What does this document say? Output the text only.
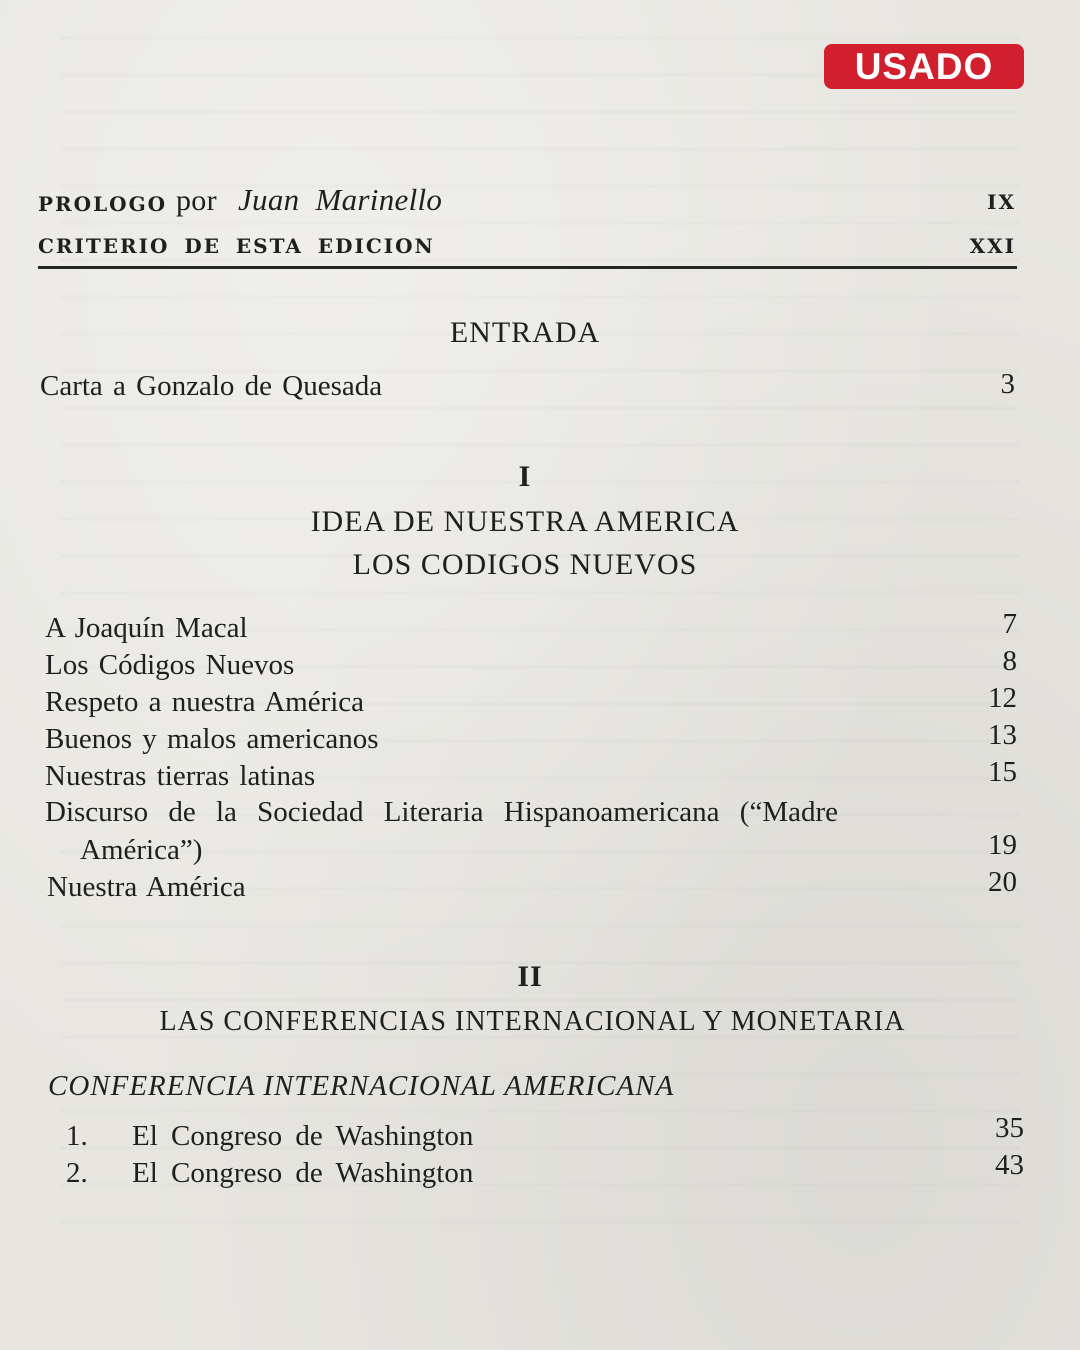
USADO
PROLOGO por Juan Marinello	IX
CRITERIO DE ESTA EDICION	XXI
ENTRADA
Carta a Gonzalo de Quesada	3
I
IDEA DE NUESTRA AMERICA
LOS CODIGOS NUEVOS
A Joaquín Macal	7
Los Códigos Nuevos	8
Respeto a nuestra América	12
Buenos y malos americanos	13
Nuestras tierras latinas	15
Discurso de la Sociedad Literaria Hispanoamericana (“Madre
América”)	19
Nuestra América	20
II
LAS CONFERENCIAS INTERNACIONAL Y MONETARIA
CONFERENCIA INTERNACIONAL AMERICANA
1. El Congreso de Washington	35
2. El Congreso de Washington	43
